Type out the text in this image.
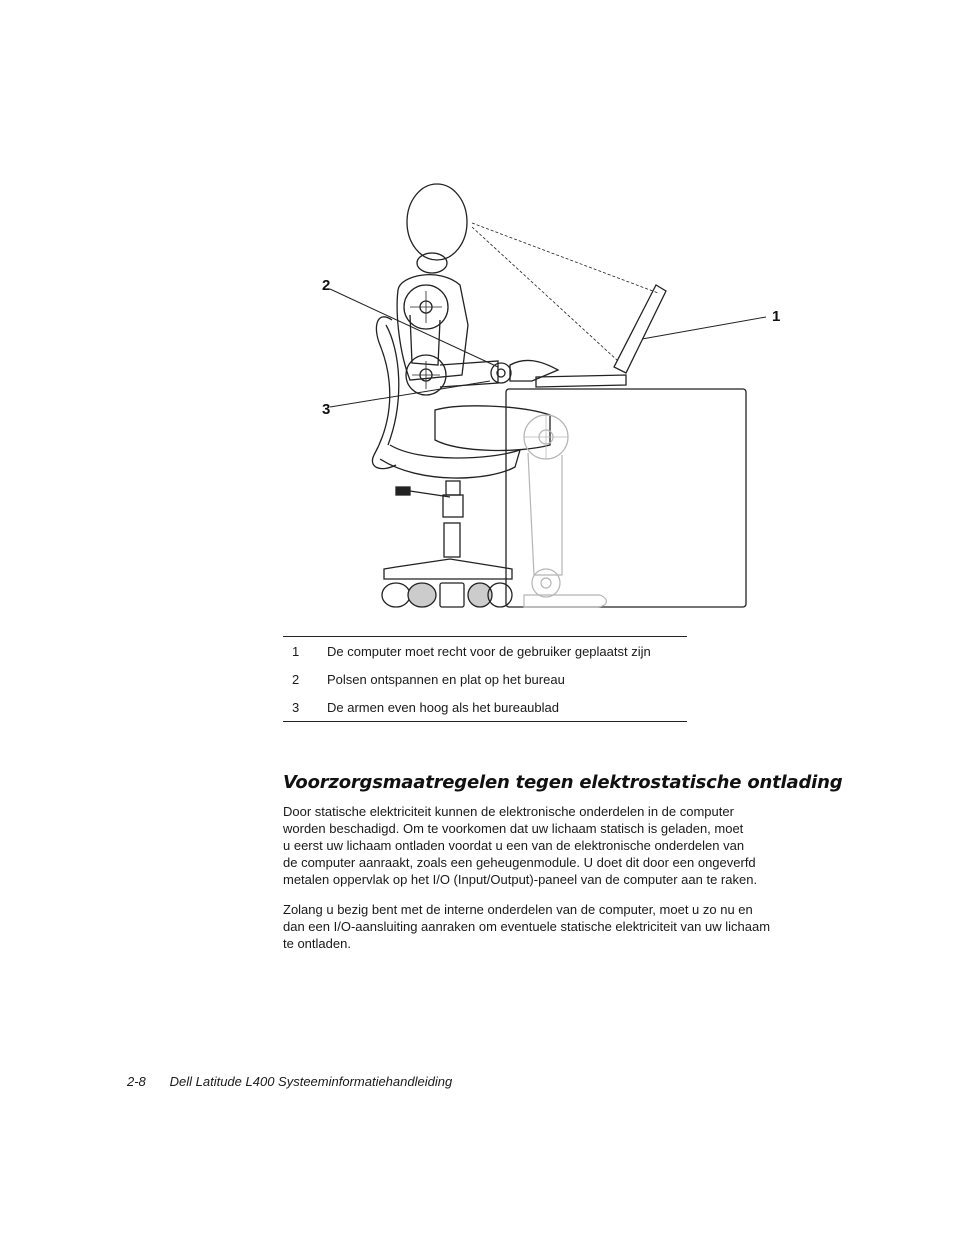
2
3
1
1	De computer moet recht voor de gebruiker geplaatst zijn
2	Polsen ontspannen en plat op het bureau
3	De armen even hoog als het bureaublad
Voorzorgsmaatregelen tegen elektrostatische ontlading

Door statische elektriciteit kunnen de elektronische onderdelen in de computer
worden beschadigd. Om te voorkomen dat uw lichaam statisch is geladen, moet
u eerst uw lichaam ontladen voordat u een van de elektronische onderdelen van
de computer aanraakt, zoals een geheugenmodule. U doet dit door een ongeverfd
metalen oppervlak op het I/O (Input/Output)-paneel van de computer aan te raken.

Zolang u bezig bent met de interne onderdelen van de computer, moet u zo nu en
dan een I/O-aansluiting aanraken om eventuele statische elektriciteit van uw lichaam
te ontladen.

2-8 Dell Latitude L400 Systeeminformatiehandleiding
